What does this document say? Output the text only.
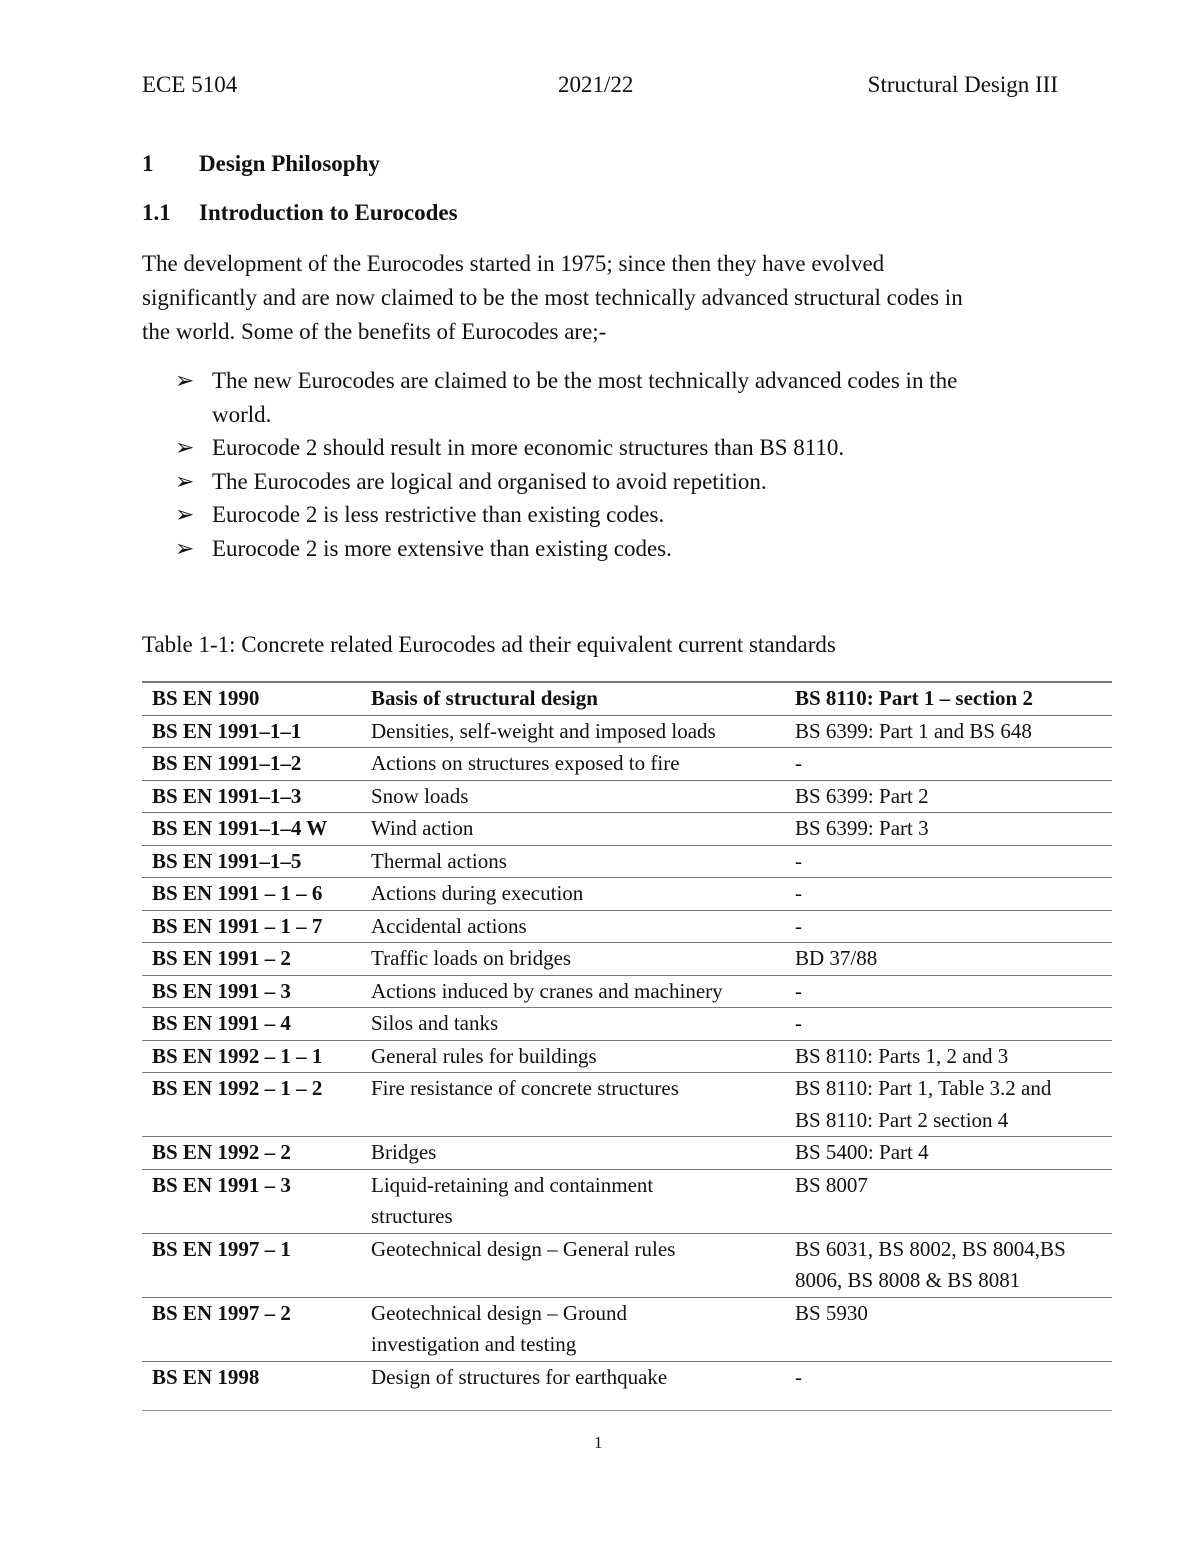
ECE 5104	2021/22	Structural Design III
1 Design Philosophy
1.1 Introduction to Eurocodes
The development of the Eurocodes started in 1975; since then they have evolved
significantly and are now claimed to be the most technically advanced structural codes in
the world. Some of the benefits of Eurocodes are;-
➢ The new Eurocodes are claimed to be the most technically advanced codes in the
world.
➢ Eurocode 2 should result in more economic structures than BS 8110.
➢ The Eurocodes are logical and organised to avoid repetition.
➢ Eurocode 2 is less restrictive than existing codes.
➢ Eurocode 2 is more extensive than existing codes.
Table 1-1: Concrete related Eurocodes ad their equivalent current standards
BS EN 1990	Basis of structural design	BS 8110: Part 1 – section 2
BS EN 1991–1–1	Densities, self-weight and imposed loads	BS 6399: Part 1 and BS 648

BS EN 1991–1–2	Actions on structures exposed to fire	-

BS EN 1991–1–3	Snow loads	BS 6399: Part 2

BS EN 1991–1–4 W	Wind action	BS 6399: Part 3

BS EN 1991–1–5	Thermal actions	-

BS EN 1991 – 1 – 6	Actions during execution	-

BS EN 1991 – 1 – 7	Accidental actions	-

BS EN 1991 – 2	Traffic loads on bridges	BD 37/88

BS EN 1991 – 3	Actions induced by cranes and machinery	-

BS EN 1991 – 4	Silos and tanks	-

BS EN 1992 – 1 – 1	General rules for buildings	BS 8110: Parts 1, 2 and 3

BS EN 1992 – 1 – 2	Fire resistance of concrete structures	BS 8110: Part 1, Table 3.2 and
BS 8110: Part 2 section 4

BS EN 1992 – 2	Bridges	BS 5400: Part 4

BS EN 1991 – 3	Liquid-retaining and containment
structures	BS 8007

BS EN 1997 – 1	Geotechnical design – General rules	BS 6031, BS 8002, BS 8004,BS
8006, BS 8008 & BS 8081

BS EN 1997 – 2	Geotechnical design – Ground
investigation and testing	BS 5930

BS EN 1998	Design of structures for earthquake	-
1
